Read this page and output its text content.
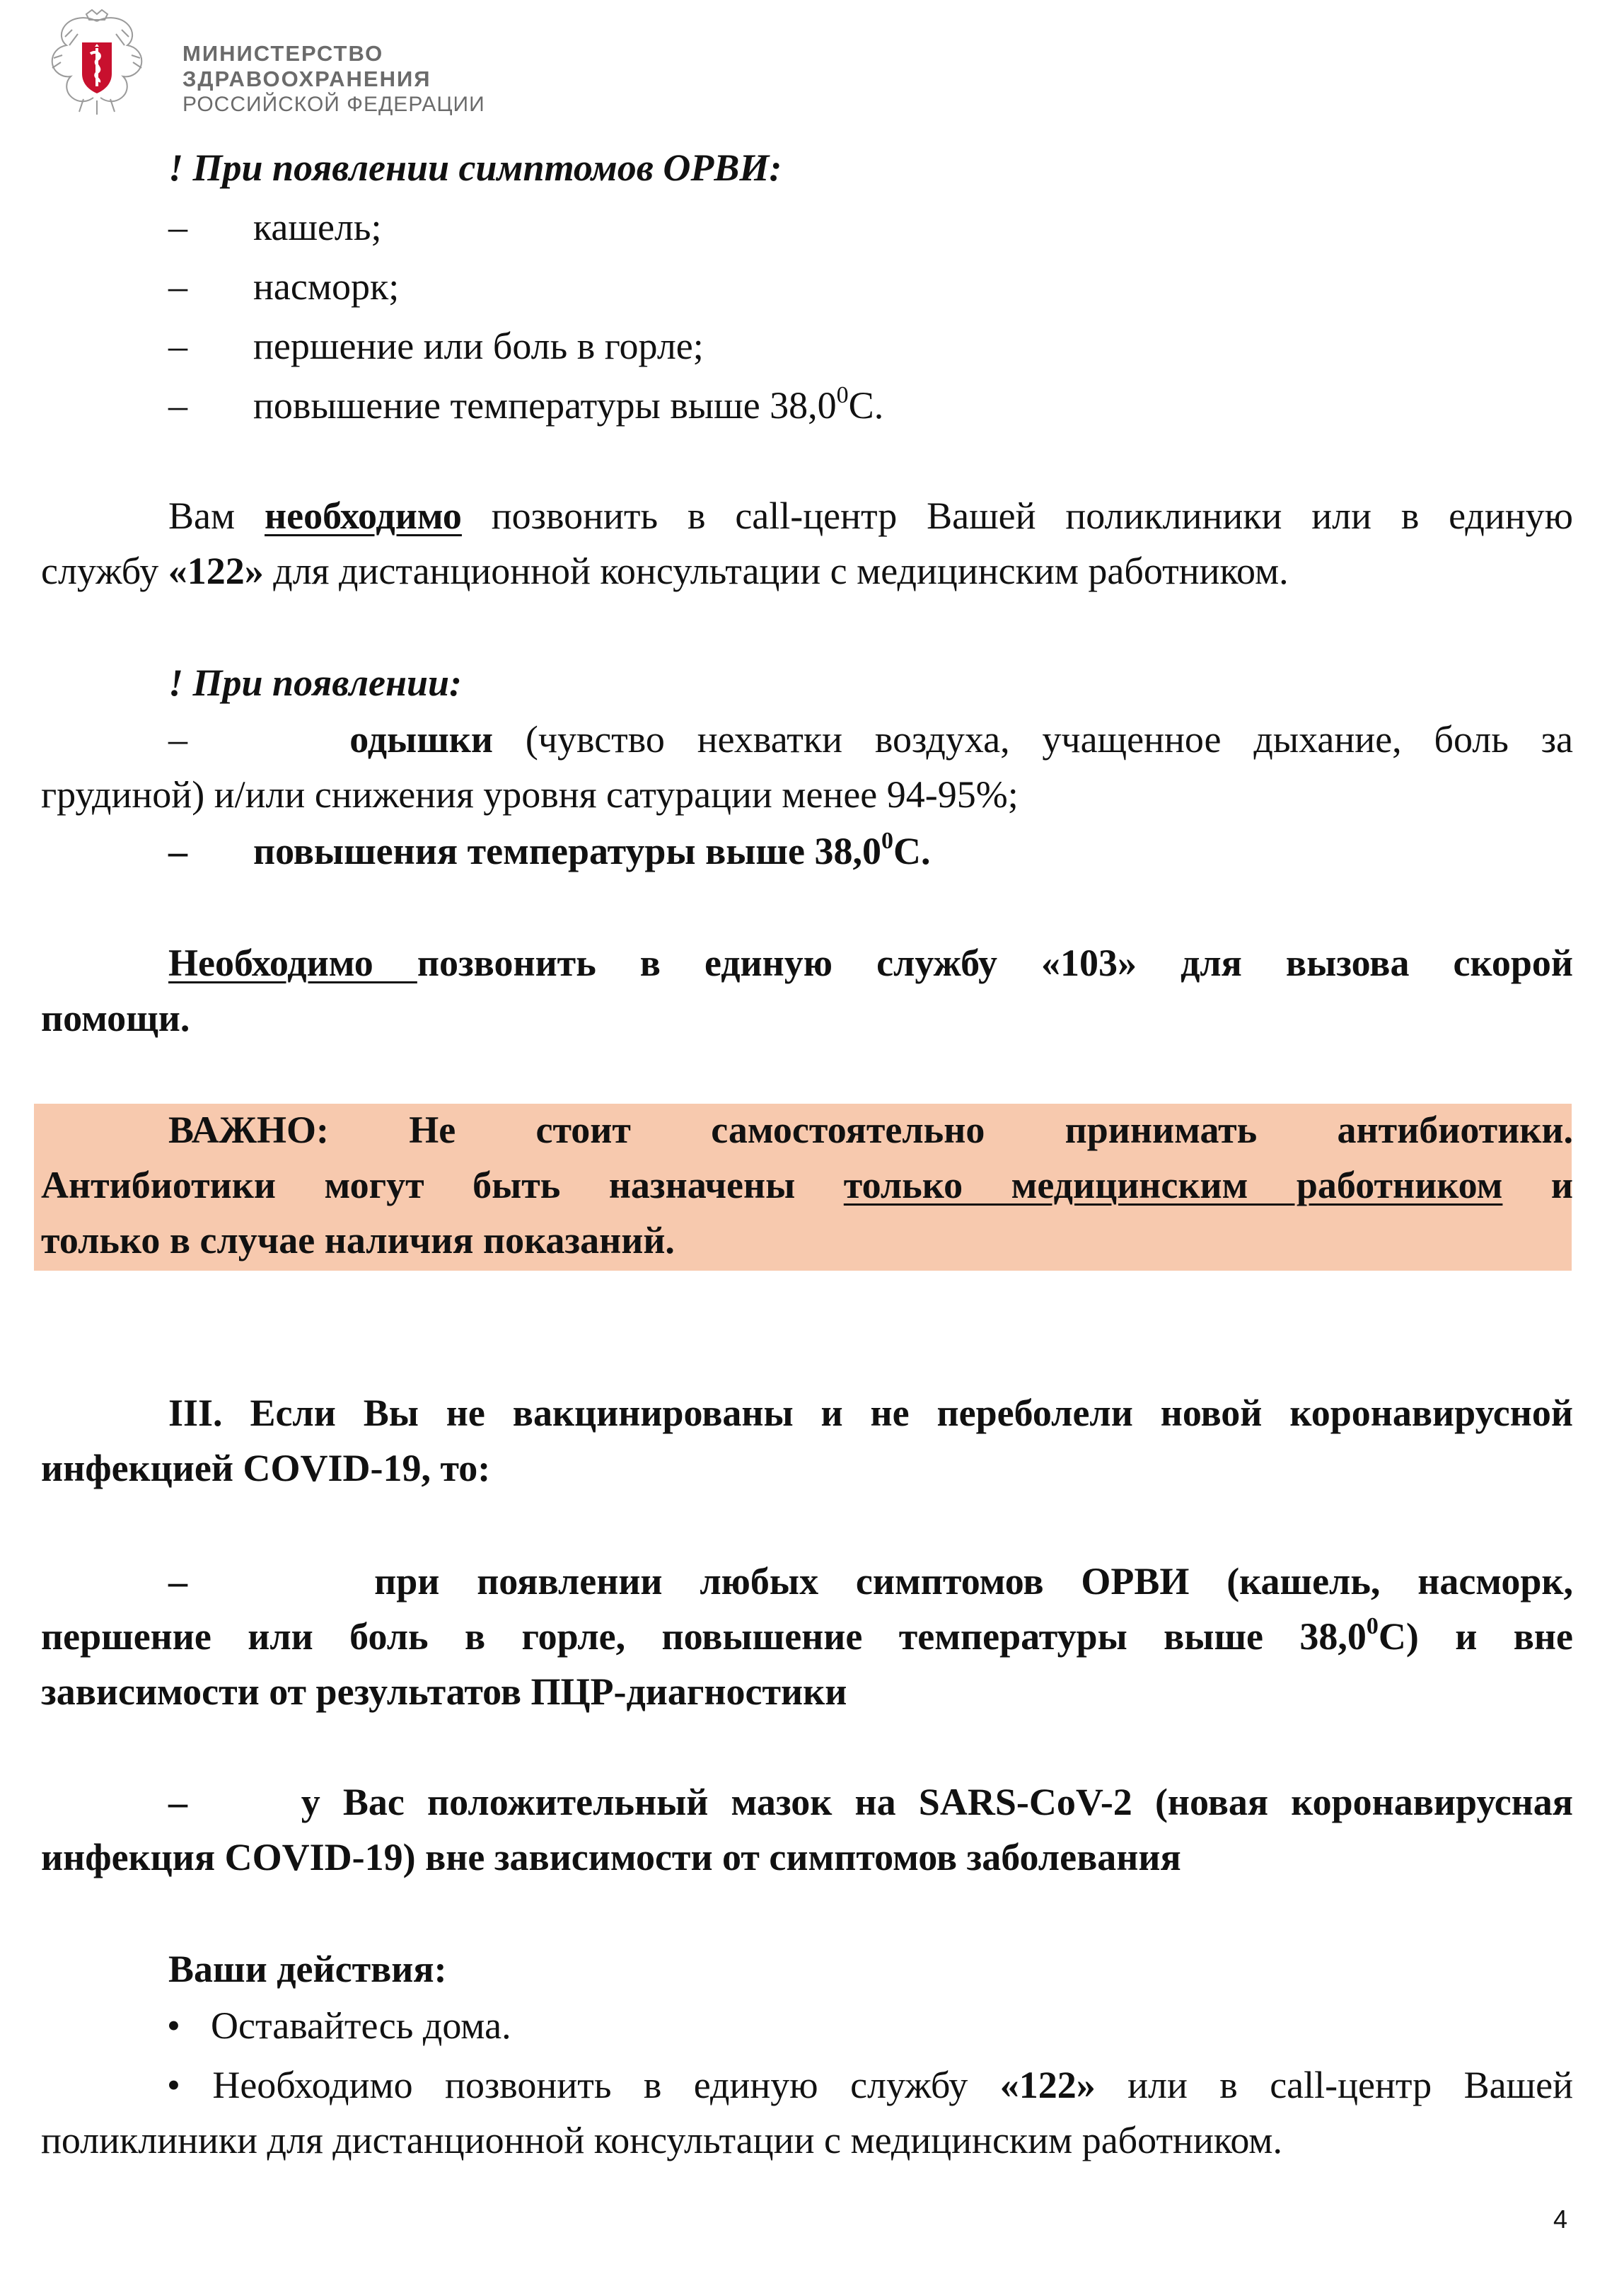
МИНИСТЕРСТВО
ЗДРАВООХРАНЕНИЯ
РОССИЙСКОЙ ФЕДЕРАЦИИ
! При появлении симптомов ОРВИ:
– кашель;
– насморк;
– першение или боль в горле;
– повышение температуры выше 38,0$^0$С.
Вам необходимо позвонить в call-центр Вашей поликлиники или в единую
службу «122» для дистанционной консультации с медицинским работником.
! При появлении:
–	одышки (чувство нехватки воздуха, учащенное дыхание, боль за
грудиной) и/или снижения уровня сатурации менее 94-95%;
– повышения температуры выше 38,0$^0$С.
Необходимо позвонить в единую службу «103» для вызова скорой
помощи.
ВАЖНО: Не стоит самостоятельно принимать антибиотики.
Антибиотики могут быть назначены только медицинским работником и
только в случае наличия показаний.
III. Если Вы не вакцинированы и не переболели новой коронавирусной
инфекцией COVID-19, то:
–	при появлении любых симптомов ОРВИ (кашель, насморк,
першение или боль в горле, повышение температуры выше 38,0$^0$С) и вне
зависимости от результатов ПЦР-диагностики
–	у Вас положительный мазок на SARS-CoV-2 (новая коронавирусная
инфекция COVID-19) вне зависимости от симптомов заболевания
Ваши действия:
• Оставайтесь дома.
• Необходимо позвонить в единую службу «122» или в call-центр Вашей
поликлиники для дистанционной консультации с медицинским работником.
4
